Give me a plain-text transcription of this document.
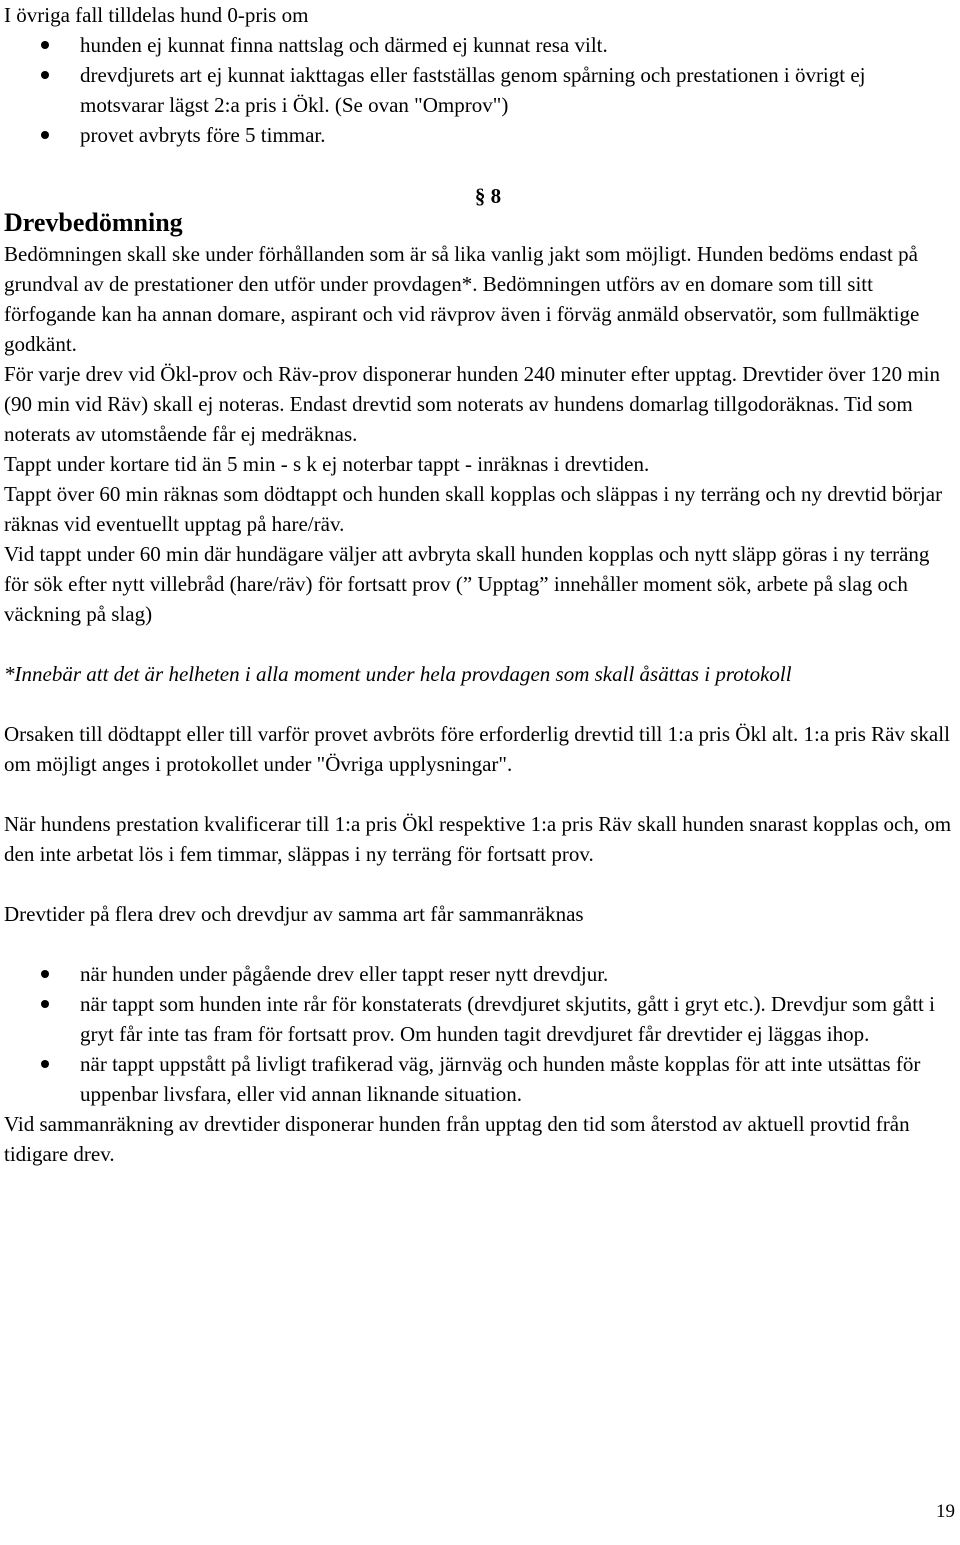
I övriga fall tilldelas hund 0-pris om

hunden ej kunnat finna nattslag och därmed ej kunnat resa vilt.
drevdjurets art ej kunnat iakttagas eller fastställas genom spårning och prestationen i övrigt ej motsvarar lägst 2:a pris i Ökl. (Se ovan "Omprov")
provet avbryts före 5 timmar.

§ 8

Drevbedömning

Bedömningen skall ske under förhållanden som är så lika vanlig jakt som möjligt. Hunden bedöms endast på grundval av de prestationer den utför under provdagen*. Bedömningen utförs av en domare som till sitt förfogande kan ha annan domare, aspirant och vid rävprov även i förväg anmäld observatör, som fullmäktige godkänt.

För varje drev vid Ökl-prov och Räv-prov disponerar hunden 240 minuter efter upptag. Drevtider över 120 min (90 min vid Räv) skall ej noteras. Endast drevtid som noterats av hundens domarlag tillgodoräknas. Tid som noterats av utomstående får ej medräknas.

Tappt under kortare tid än 5 min - s k ej noterbar tappt - inräknas i drevtiden.

Tappt över 60 min räknas som dödtappt och hunden skall kopplas och släppas i ny terräng och ny drevtid börjar räknas vid eventuellt upptag på hare/räv.

Vid tappt under 60 min där hundägare väljer att avbryta skall hunden kopplas och nytt släpp göras i ny terräng för sök efter nytt villebråd (hare/räv) för fortsatt prov (” Upptag” innehåller moment sök, arbete på slag och väckning på slag)

*Innebär att det är helheten i alla moment under hela provdagen som skall åsättas i protokoll

Orsaken till dödtappt eller till varför provet avbröts före erforderlig drevtid till 1:a pris Ökl alt. 1:a pris Räv skall om möjligt anges i protokollet under "Övriga upplysningar".

När hundens prestation kvalificerar till 1:a pris Ökl respektive 1:a pris Räv skall hunden snarast kopplas och, om den inte arbetat lös i fem timmar, släppas i ny terräng för fortsatt prov.

Drevtider på flera drev och drevdjur av samma art får sammanräknas

när hunden under pågående drev eller tappt reser nytt drevdjur.
när tappt som hunden inte rår för konstaterats (drevdjuret skjutits, gått i gryt etc.). Drevdjur som gått i gryt får inte tas fram för fortsatt prov. Om hunden tagit drevdjuret får drevtider ej läggas ihop.
när tappt uppstått på livligt trafikerad väg, järnväg och hunden måste kopplas för att inte utsättas för uppenbar livsfara, eller vid annan liknande situation.

Vid sammanräkning av drevtider disponerar hunden från upptag den tid som återstod av aktuell provtid från tidigare drev.

19
